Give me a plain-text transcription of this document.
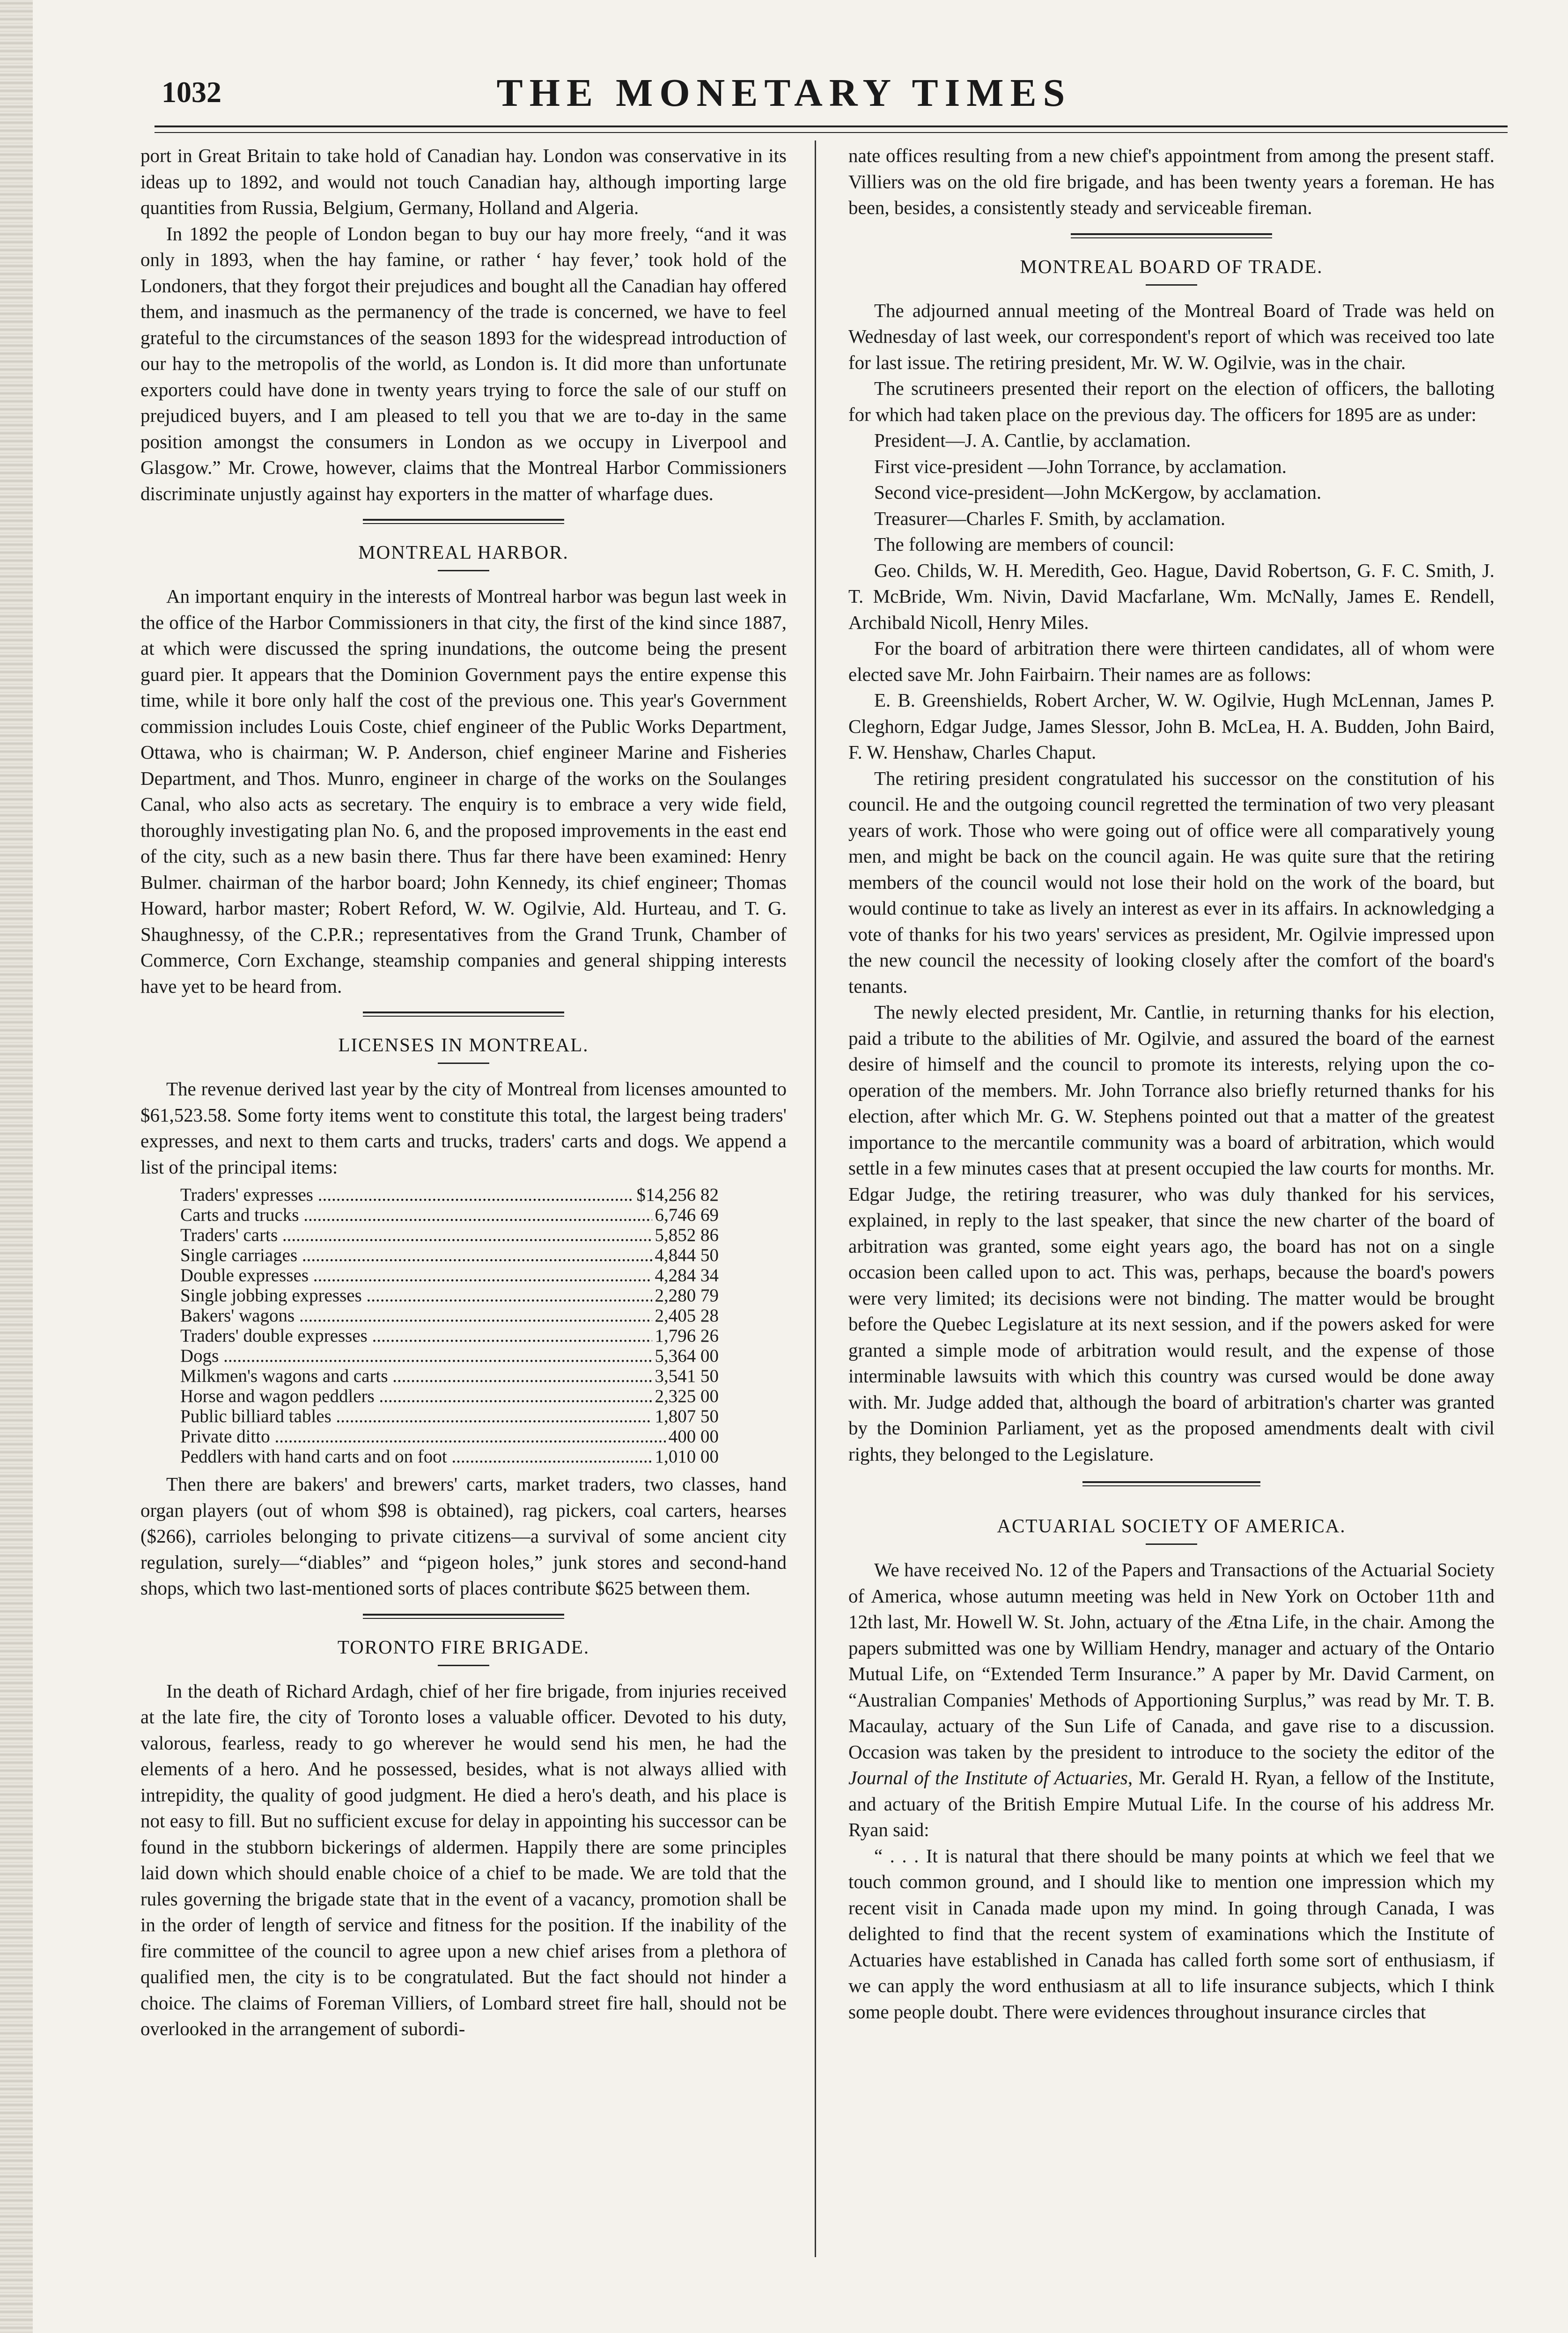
THE MONETARY TIMES
1032

port in Great Britain to take hold of Canadian hay. London was conservative in its ideas up to 1892, and would not touch Canadian hay, although importing large quantities from Russia, Belgium, Germany, Holland and Algeria.

In 1892 the people of London began to buy our hay more freely, “and it was only in 1893, when the hay famine, or rather ‘ hay fever,’ took hold of the Londoners, that they forgot their prejudices and bought all the Canadian hay offered them, and inasmuch as the permanency of the trade is concerned, we have to feel grateful to the circumstances of the season 1893 for the widespread introduction of our hay to the metropolis of the world, as London is. It did more than unfortunate exporters could have done in twenty years trying to force the sale of our stuff on prejudiced buyers, and I am pleased to tell you that we are to-day in the same position amongst the consumers in London as we occupy in Liverpool and Glasgow.” Mr. Crowe, however, claims that the Montreal Harbor Commissioners discriminate unjustly against hay exporters in the matter of wharfage dues.

MONTREAL HARBOR.

An important enquiry in the interests of Montreal harbor was begun last week in the office of the Harbor Commissioners in that city, the first of the kind since 1887, at which were discussed the spring inundations, the outcome being the present guard pier. It appears that the Dominion Government pays the entire expense this time, while it bore only half the cost of the previous one. This year's Government commission includes Louis Coste, chief engineer of the Public Works Department, Ottawa, who is chairman; W. P. Anderson, chief engineer Marine and Fisheries Department, and Thos. Munro, engineer in charge of the works on the Soulanges Canal, who also acts as secretary. The enquiry is to embrace a very wide field, thoroughly investigating plan No. 6, and the proposed improvements in the east end of the city, such as a new basin there. Thus far there have been examined: Henry Bulmer. chairman of the harbor board; John Kennedy, its chief engineer; Thomas Howard, harbor master; Robert Reford, W. W. Ogilvie, Ald. Hurteau, and T. G. Shaughnessy, of the C.P.R.; representatives from the Grand Trunk, Chamber of Commerce, Corn Exchange, steamship companies and general shipping interests have yet to be heard from.

LICENSES IN MONTREAL.

The revenue derived last year by the city of Montreal from licenses amounted to $61,523.58. Some forty items went to constitute this total, the largest being traders' expresses, and next to them carts and trucks, traders' carts and dogs. We append a list of the principal items:

Traders' expresses .....	$14,256 82
Carts and trucks .....	6,746 69
Traders' carts .....	5,852 86
Single carriages .....	4,844 50
Double expresses .....	4,284 34
Single jobbing expresses .....	2,280 79
Bakers' wagons .....	2,405 28
Traders' double expresses .....	1,796 26
Dogs .....	5,364 00
Milkmen's wagons and carts .....	3,541 50
Horse and wagon peddlers .....	2,325 00
Public billiard tables .....	1,807 50
Private ditto .....	400 00
Peddlers with hand carts and on foot .....	1,010 00

Then there are bakers' and brewers' carts, market traders, two classes, hand organ players (out of whom $98 is obtained), rag pickers, coal carters, hearses ($266), carrioles belonging to private citizens—a survival of some ancient city regulation, surely—“diables” and “pigeon holes,” junk stores and second-hand shops, which two last-mentioned sorts of places contribute $625 between them.

TORONTO FIRE BRIGADE.

In the death of Richard Ardagh, chief of her fire brigade, from injuries received at the late fire, the city of Toronto loses a valuable officer. Devoted to his duty, valorous, fearless, ready to go wherever he would send his men, he had the elements of a hero. And he possessed, besides, what is not always allied with intrepidity, the quality of good judgment. He died a hero's death, and his place is not easy to fill. But no sufficient excuse for delay in appointing his successor can be found in the stubborn bickerings of aldermen. Happily there are some principles laid down which should enable choice of a chief to be made. We are told that the rules governing the brigade state that in the event of a vacancy, promotion shall be in the order of length of service and fitness for the position. If the inability of the fire committee of the council to agree upon a new chief arises from a plethora of qualified men, the city is to be congratulated. But the fact should not hinder a choice. The claims of Foreman Villiers, of Lombard street fire hall, should not be overlooked in the arrangement of subordi-

nate offices resulting from a new chief's appointment from among the present staff. Villiers was on the old fire brigade, and has been twenty years a foreman. He has been, besides, a consistently steady and serviceable fireman.

MONTREAL BOARD OF TRADE.

The adjourned annual meeting of the Montreal Board of Trade was held on Wednesday of last week, our correspondent's report of which was received too late for last issue. The retiring president, Mr. W. W. Ogilvie, was in the chair.

The scrutineers presented their report on the election of officers, the balloting for which had taken place on the previous day. The officers for 1895 are as under:

President—J. A. Cantlie, by acclamation.

First vice-president —John Torrance, by acclamation.

Second vice-president—John McKergow, by acclamation.

Treasurer—Charles F. Smith, by acclamation.

The following are members of council:

Geo. Childs, W. H. Meredith, Geo. Hague, David Robertson, G. F. C. Smith, J. T. McBride, Wm. Nivin, David Macfarlane, Wm. McNally, James E. Rendell, Archibald Nicoll, Henry Miles.

For the board of arbitration there were thirteen candidates, all of whom were elected save Mr. John Fairbairn. Their names are as follows:

E. B. Greenshields, Robert Archer, W. W. Ogilvie, Hugh McLennan, James P. Cleghorn, Edgar Judge, James Slessor, John B. McLea, H. A. Budden, John Baird, F. W. Henshaw, Charles Chaput.

The retiring president congratulated his successor on the constitution of his council. He and the outgoing council regretted the termination of two very pleasant years of work. Those who were going out of office were all comparatively young men, and might be back on the council again. He was quite sure that the retiring members of the council would not lose their hold on the work of the board, but would continue to take as lively an interest as ever in its affairs. In acknowledging a vote of thanks for his two years' services as president, Mr. Ogilvie impressed upon the new council the necessity of looking closely after the comfort of the board's tenants.

The newly elected president, Mr. Cantlie, in returning thanks for his election, paid a tribute to the abilities of Mr. Ogilvie, and assured the board of the earnest desire of himself and the council to promote its interests, relying upon the co-operation of the members. Mr. John Torrance also briefly returned thanks for his election, after which Mr. G. W. Stephens pointed out that a matter of the greatest importance to the mercantile community was a board of arbitration, which would settle in a few minutes cases that at present occupied the law courts for months. Mr. Edgar Judge, the retiring treasurer, who was duly thanked for his services, explained, in reply to the last speaker, that since the new charter of the board of arbitration was granted, some eight years ago, the board has not on a single occasion been called upon to act. This was, perhaps, because the board's powers were very limited; its decisions were not binding. The matter would be brought before the Quebec Legislature at its next session, and if the powers asked for were granted a simple mode of arbitration would result, and the expense of those interminable lawsuits with which this country was cursed would be done away with. Mr. Judge added that, although the board of arbitration's charter was granted by the Dominion Parliament, yet as the proposed amendments dealt with civil rights, they belonged to the Legislature.

ACTUARIAL SOCIETY OF AMERICA.

We have received No. 12 of the Papers and Transactions of the Actuarial Society of America, whose autumn meeting was held in New York on October 11th and 12th last, Mr. Howell W. St. John, actuary of the Ætna Life, in the chair. Among the papers submitted was one by William Hendry, manager and actuary of the Ontario Mutual Life, on “Extended Term Insurance.” A paper by Mr. David Carment, on “Australian Companies' Methods of Apportioning Surplus,” was read by Mr. T. B. Macaulay, actuary of the Sun Life of Canada, and gave rise to a discussion. Occasion was taken by the president to introduce to the society the editor of the Journal of the Institute of Actuaries, Mr. Gerald H. Ryan, a fellow of the Institute, and actuary of the British Empire Mutual Life. In the course of his address Mr. Ryan said:

“ . . . It is natural that there should be many points at which we feel that we touch common ground, and I should like to mention one impression which my recent visit in Canada made upon my mind. In going through Canada, I was delighted to find that the recent system of examinations which the Institute of Actuaries have established in Canada has called forth some sort of enthusiasm, if we can apply the word enthusiasm at all to life insurance subjects, which I think some people doubt. There were evidences throughout insurance circles that
